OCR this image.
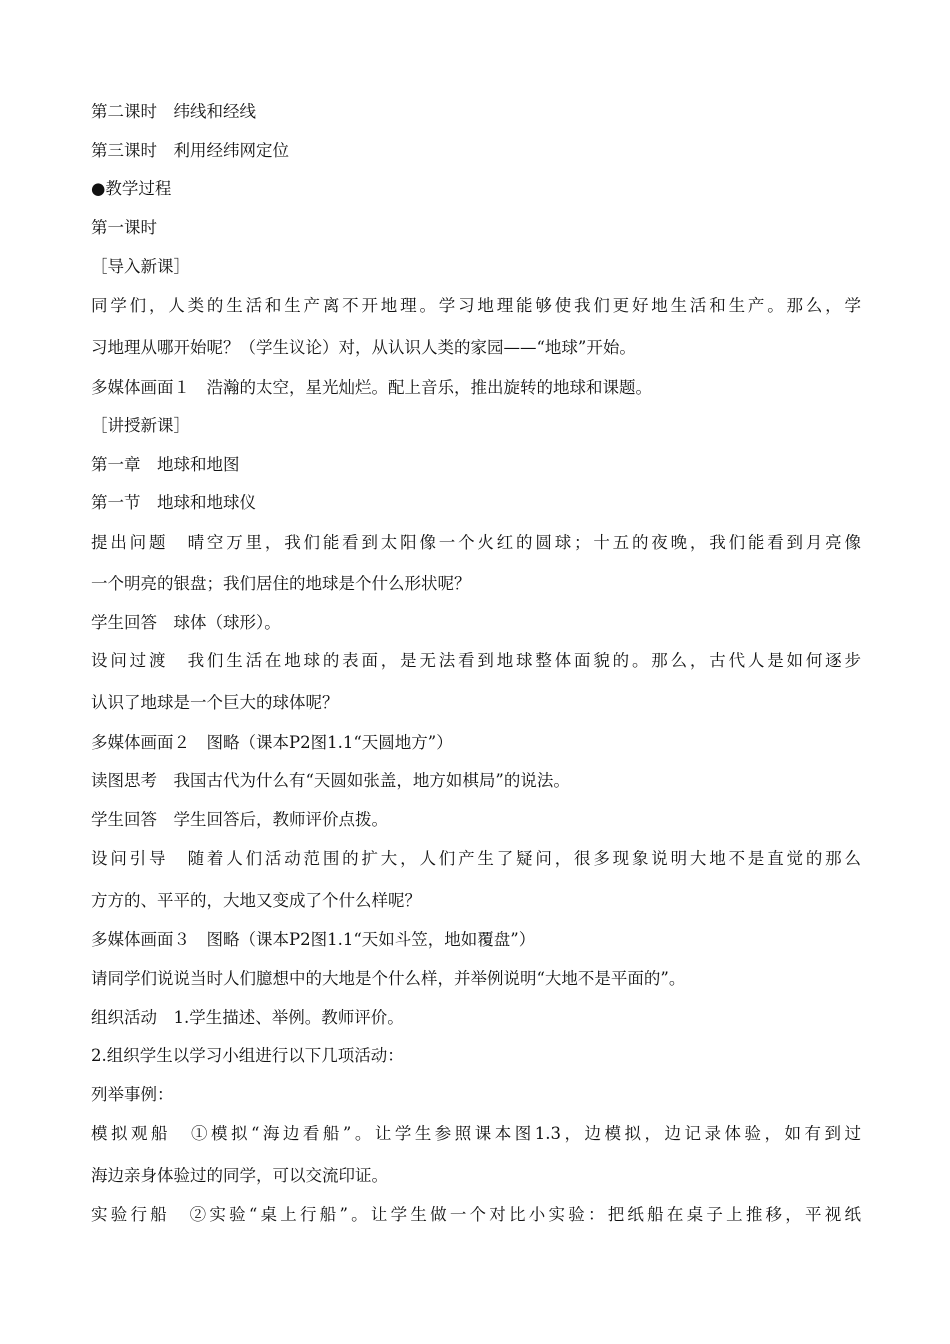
第二课时　纬线和经线
第三课时　利用经纬网定位
●教学过程
第一课时
［导入新课］
同学们，人类的生活和生产离不开地理。学习地理能够使我们更好地生活和生产。那么，学
习地理从哪开始呢？（学生议论）对，从认识人类的家园——“地球”开始。
多媒体画面１　浩瀚的太空，星光灿烂。配上音乐，推出旋转的地球和课题。
［讲授新课］
第一章　地球和地图
第一节　地球和地球仪
提出问题　晴空万里，我们能看到太阳像一个火红的圆球；十五的夜晚，我们能看到月亮像
一个明亮的银盘；我们居住的地球是个什么形状呢？
学生回答　球体（球形）。
设问过渡　我们生活在地球的表面，是无法看到地球整体面貌的。那么，古代人是如何逐步
认识了地球是一个巨大的球体呢？
多媒体画面２　图略（课本P2图1.1“天圆地方”）
读图思考　我国古代为什么有“天圆如张盖，地方如棋局”的说法。
学生回答　学生回答后，教师评价点拨。
设问引导　随着人们活动范围的扩大，人们产生了疑问，很多现象说明大地不是直觉的那么
方方的、平平的，大地又变成了个什么样呢？
多媒体画面３　图略（课本P2图1.1“天如斗笠，地如覆盘”）
请同学们说说当时人们臆想中的大地是个什么样，并举例说明“大地不是平面的”。
组织活动　1.学生描述、举例。教师评价。
2.组织学生以学习小组进行以下几项活动：
列举事例：
模拟观船　①模拟“海边看船”。让学生参照课本图1.3，边模拟，边记录体验，如有到过
海边亲身体验过的同学，可以交流印证。
实验行船　②实验“桌上行船”。让学生做一个对比小实验：把纸船在桌子上推移，平视纸
